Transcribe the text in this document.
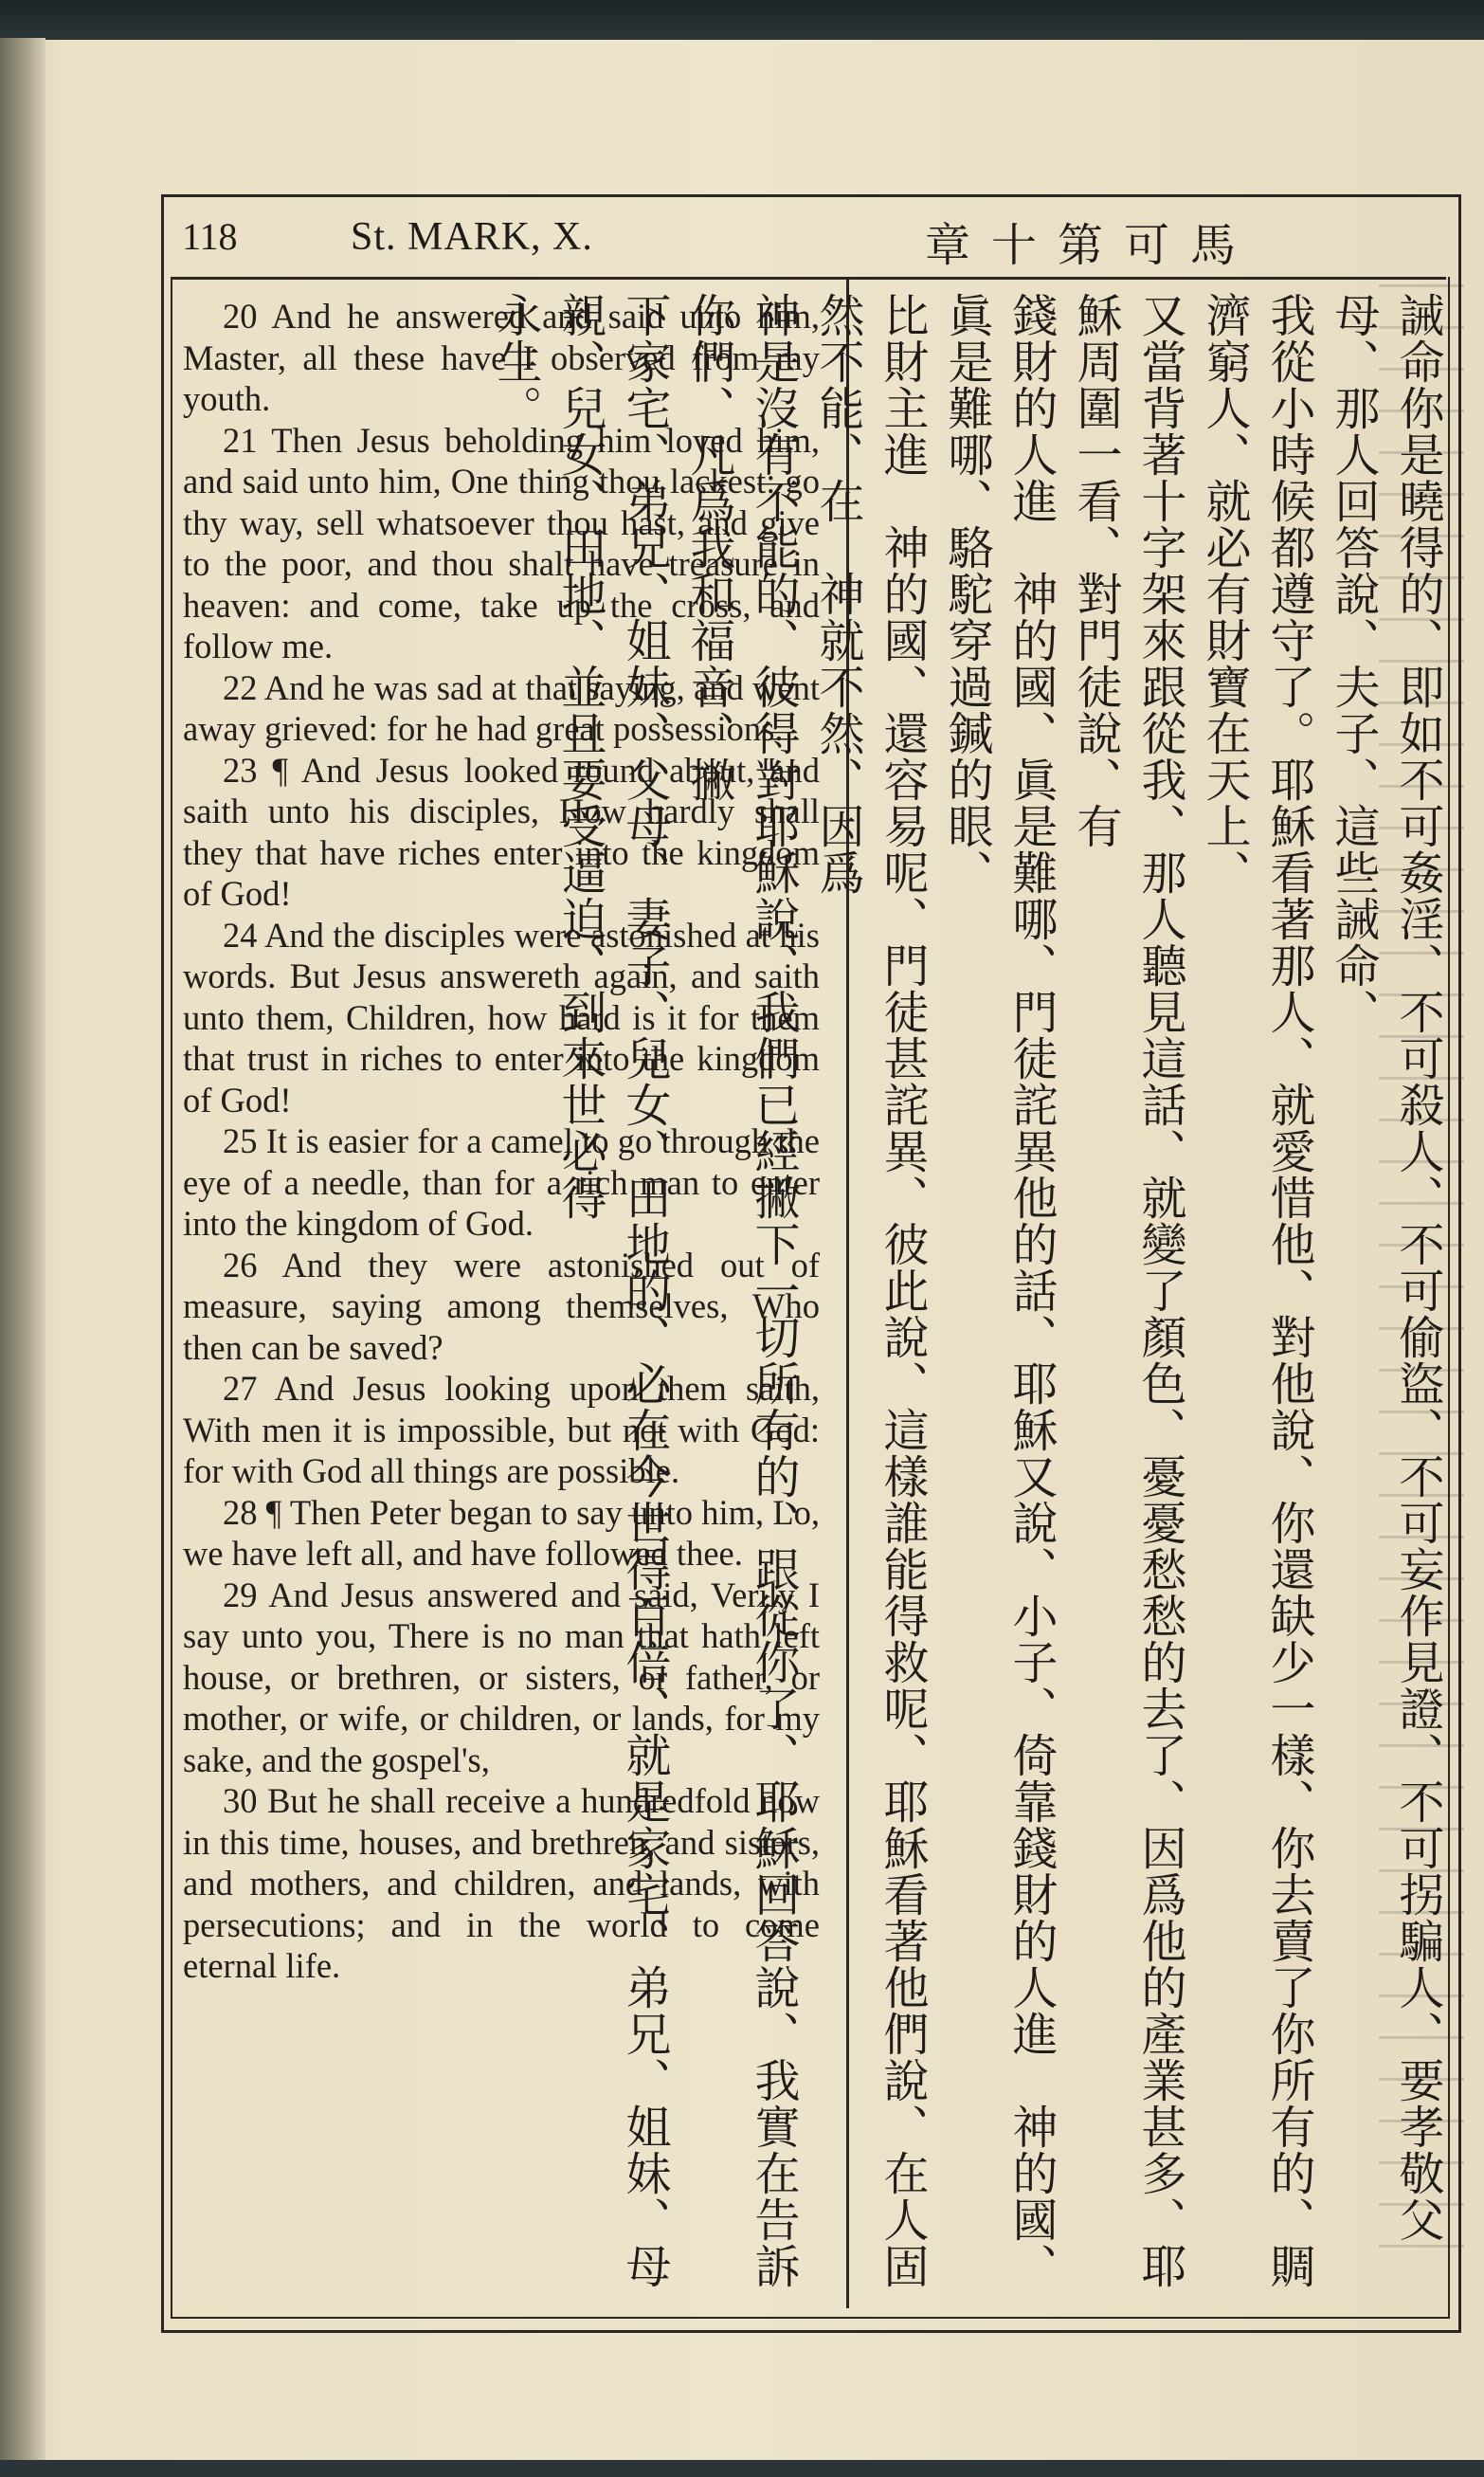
118	St. MARK, X.	章十第可馬

20 And he answered and said unto him, Master, all these have I observed from my youth.

21 Then Jesus beholding him loved him, and said unto him, One thing thou lackest: go thy way, sell whatsoever thou hast, and give to the poor, and thou shalt have treasure in heaven: and come, take up the cross, and follow me.

22 And he was sad at that saying, and went away grieved: for he had great possessions.

23 ¶ And Jesus looked round about, and saith unto his disciples, How hardly shall they that have riches enter into the kingdom of God!

24 And the disciples were astonished at his words. But Jesus answereth again, and saith unto them, Children, how hard is it for them that trust in riches to enter into the kingdom of God!

25 It is easier for a camel to go through the eye of a needle, than for a rich man to enter into the kingdom of God.

26 And they were astonished out of measure, saying among themselves, Who then can be saved?

27 And Jesus looking upon them saith, With men it is impossible, but not with God: for with God all things are possible.

28 ¶ Then Peter began to say unto him, Lo, we have left all, and have followed thee.

29 And Jesus answered and said, Verily I say unto you, There is no man that hath left house, or brethren, or sisters, or father, or mother, or wife, or children, or lands, for my sake, and the gospel's,

30 But he shall receive a hundredfold now in this time, houses, and brethren, and sisters, and mothers, and children, and lands, with persecutions; and in the world to come eternal life.	誡命你是曉得的、即如不可姦淫、不可殺人、不可偷盜、不可妄作見證、不可拐騙人、要孝敬父母、那人回答說、夫子、這些誡命、

我從小時候都遵守了。耶穌看著那人、就愛惜他、對他說、你還缺少一樣、你去賣了你所有的、賙濟窮人、就必有財寶在天上、

又當背著十字架來跟從我、那人聽見這話、就變了顏色、憂憂愁愁的去了、因爲他的產業甚多、耶穌周圍一看、對門徒說、有

錢財的人進　神的國、眞是難哪、門徒詫異他的話、耶穌又說、小子、倚靠錢財的人進　神的國、眞是難哪、駱駝穿過鍼的眼、

比財主進　神的國、還容易呢、門徒甚詫異、彼此說、這樣誰能得救呢、耶穌看著他們說、在人固然不能、在　神就不然、因爲

神是沒有不能的、彼得對耶穌說、我們已經撇下一切所有的、跟從你了、耶穌回答說、我實在告訴你們、凡爲我和福音、撇

下家宅、弟兄、姐妹、父母、妻子、兒女、田地的、必在今世得百倍、就是家宅、弟兄、姐妹、母親、兒女、田地、並且要受逼迫、到來世必得

永生。
